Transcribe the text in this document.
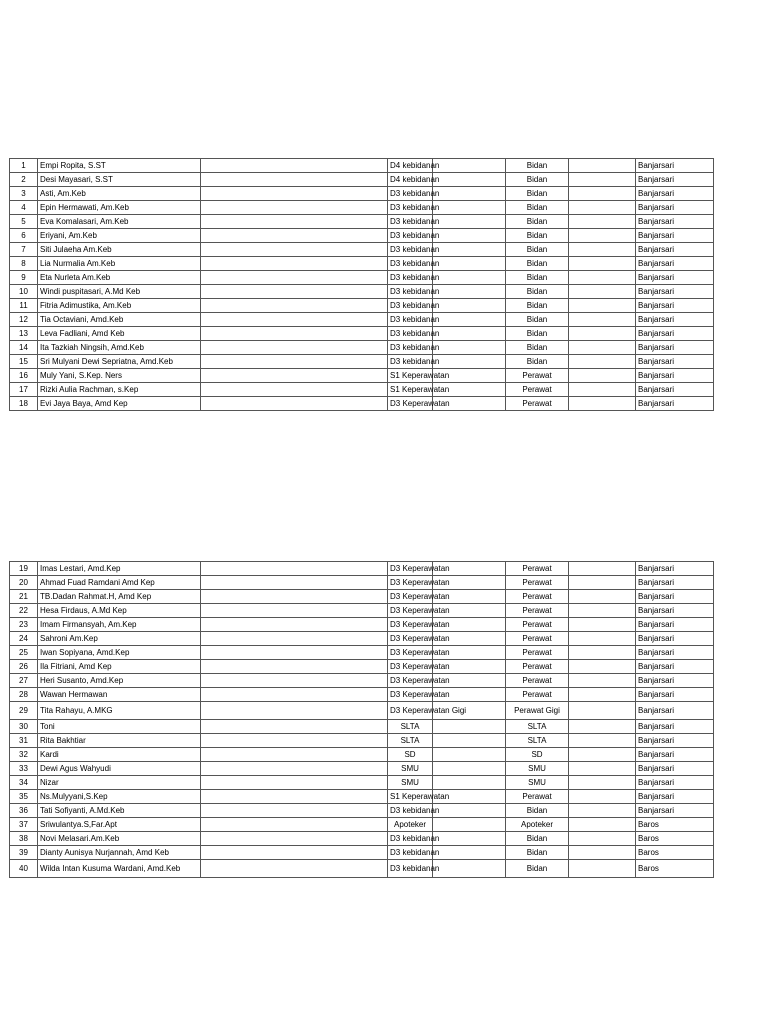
1	Empi Ropita, S.ST		D4 kebidanan		Bidan		Banjarsari
2	Desi Mayasari, S.ST		D4 kebidanan		Bidan		Banjarsari
3	Asti, Am.Keb		D3 kebidanan		Bidan		Banjarsari
4	Epin Hermawati, Am.Keb		D3 kebidanan		Bidan		Banjarsari
5	Eva Komalasari, Am.Keb		D3 kebidanan		Bidan		Banjarsari
6	Eriyani, Am.Keb		D3 kebidanan		Bidan		Banjarsari
7	Siti Julaeha Am.Keb		D3 kebidanan		Bidan		Banjarsari
8	Lia Nurmalia Am.Keb		D3 kebidanan		Bidan		Banjarsari
9	Eta Nurleta Am.Keb		D3 kebidanan		Bidan		Banjarsari
10	Windi puspitasari, A.Md Keb		D3 kebidanan		Bidan		Banjarsari
11	Fitria Adimustika, Am.Keb		D3 kebidanan		Bidan		Banjarsari
12	Tia Octaviani, Amd.Keb		D3 kebidanan		Bidan		Banjarsari
13	Leva Fadliani, Amd Keb		D3 kebidanan		Bidan		Banjarsari
14	Ita Tazkiah Ningsih, Amd.Keb		D3 kebidanan		Bidan		Banjarsari
15	Sri Mulyani Dewi Sepriatna, Amd.Keb		D3 kebidanan		Bidan		Banjarsari
16	Muly Yani, S.Kep. Ners		S1 Keperawatan		Perawat		Banjarsari
17	Rizki Aulia Rachman, s.Kep		S1 Keperawatan		Perawat		Banjarsari
18	Evi Jaya Baya, Amd Kep		D3 Keperawatan		Perawat		Banjarsari
19	Imas Lestari, Amd.Kep		D3 Keperawatan		Perawat		Banjarsari
20	Ahmad Fuad Ramdani Amd Kep		D3 Keperawatan		Perawat		Banjarsari
21	TB.Dadan Rahmat.H, Amd Kep		D3 Keperawatan		Perawat		Banjarsari
22	Hesa Firdaus, A.Md Kep		D3 Keperawatan		Perawat		Banjarsari
23	Imam Firmansyah, Am.Kep		D3 Keperawatan		Perawat		Banjarsari
24	Sahroni Am.Kep		D3 Keperawatan		Perawat		Banjarsari
25	Iwan Sopiyana, Amd.Kep		D3 Keperawatan		Perawat		Banjarsari
26	Ila Fitriani, Amd Kep		D3 Keperawatan		Perawat		Banjarsari
27	Heri Susanto, Amd.Kep		D3 Keperawatan		Perawat		Banjarsari
28	Wawan Hermawan		D3 Keperawatan		Perawat		Banjarsari
29	Tita Rahayu, A.MKG		D3 Keperawatan Gigi		Perawat Gigi		Banjarsari
30	Toni		SLTA		SLTA		Banjarsari
31	Rita Bakhtiar		SLTA		SLTA		Banjarsari
32	Kardi		SD		SD		Banjarsari
33	Dewi Agus Wahyudi		SMU		SMU		Banjarsari
34	Nizar		SMU		SMU		Banjarsari
35	Ns.Mulyyani,S.Kep		S1 Keperawatan		Perawat		Banjarsari
36	Tati Sofiyanti, A.Md.Keb		D3 kebidanan		Bidan		Banjarsari
37	Sriwulantya.S,Far.Apt		Apoteker		Apoteker		Baros
38	Novi Melasari.Am.Keb		D3 kebidanan		Bidan		Baros
39	Dianty Aunisya Nurjannah, Amd Keb		D3 kebidanan		Bidan		Baros
40	Wilda Intan Kusuma Wardani, Amd.Keb		D3 kebidanan		Bidan		Baros
